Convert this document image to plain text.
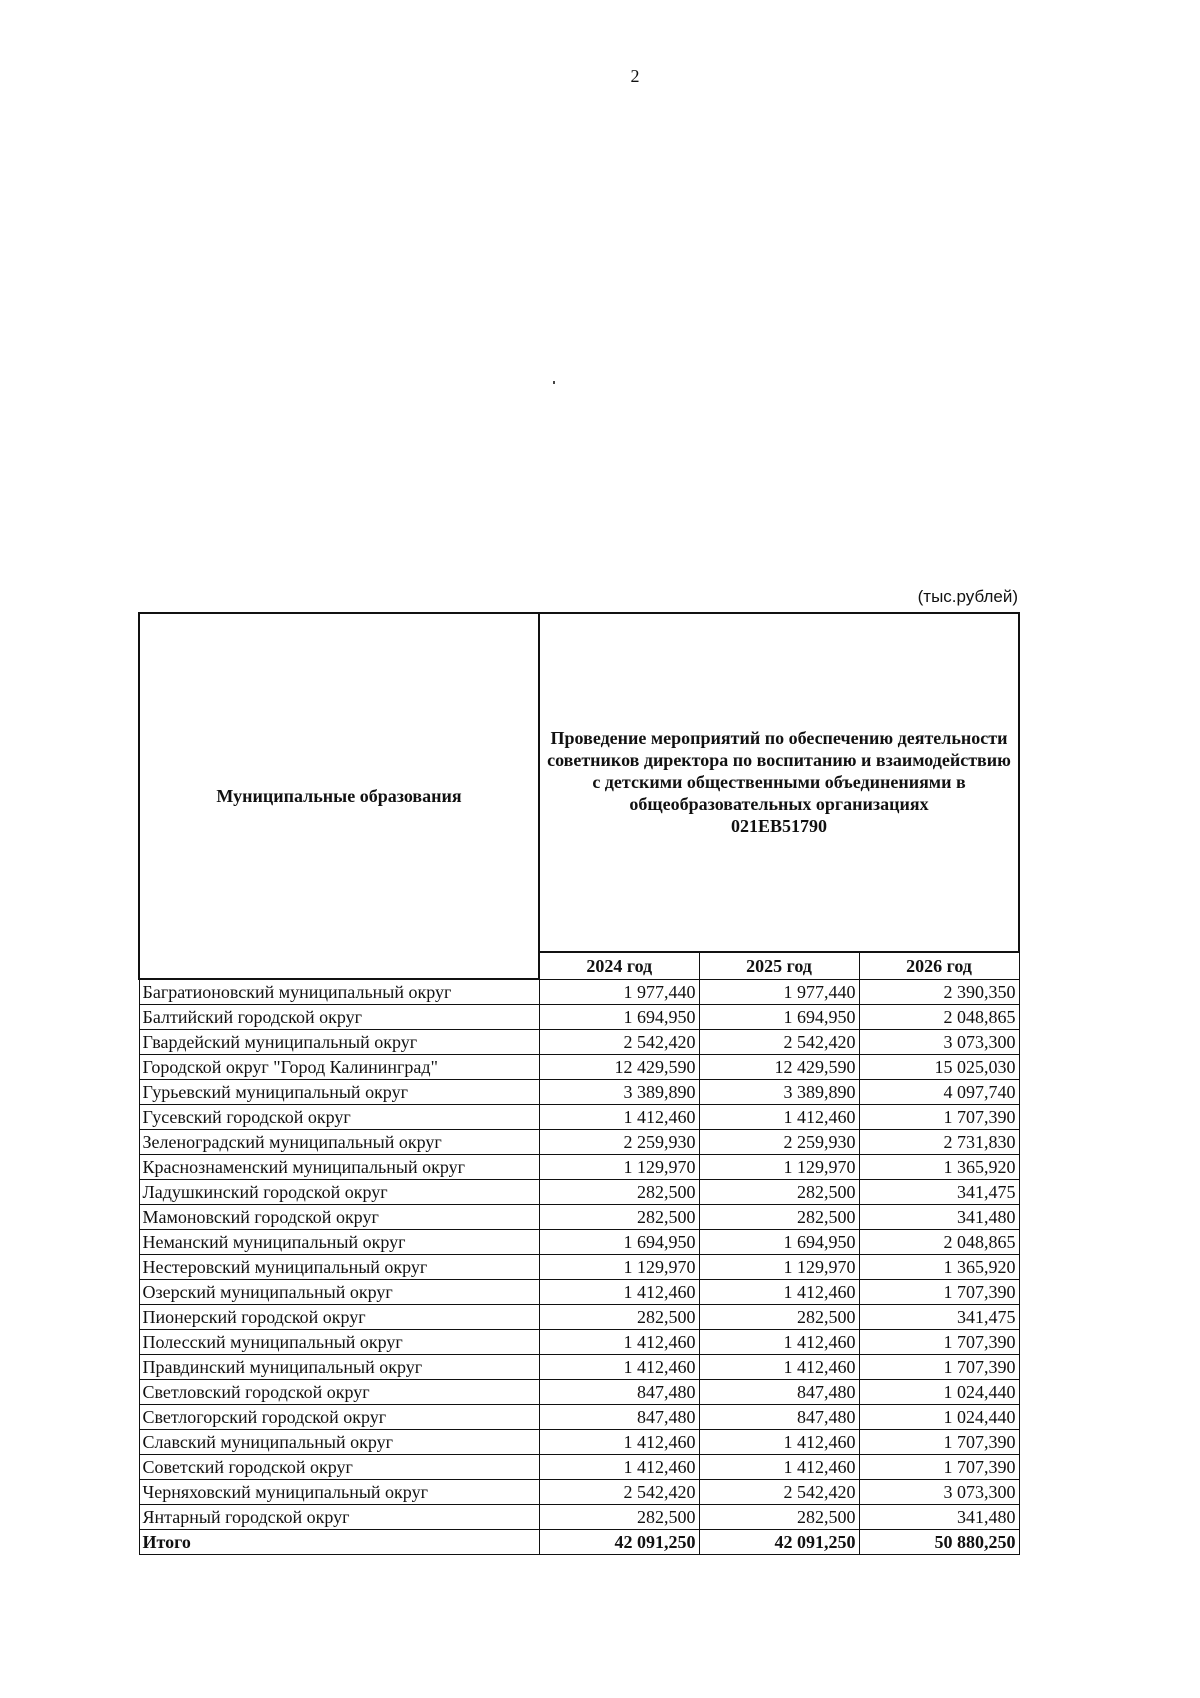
2
(тыс.рублей)
Муниципальные образования	Проведение мероприятий по обеспечению деятельности советников директора по воспитанию и взаимодействию с детскими общественными объединениями в общеобразовательных организациях
021ЕВ51790		

	2024 год	2025 год	2026 год
Багратионовский муниципальный округ	1 977,440	1 977,440	2 390,350
Балтийский городской округ	1 694,950	1 694,950	2 048,865
Гвардейский муниципальный округ	2 542,420	2 542,420	3 073,300
Городской округ "Город Калининград"	12 429,590	12 429,590	15 025,030
Гурьевский муниципальный округ	3 389,890	3 389,890	4 097,740
Гусевский городской округ	1 412,460	1 412,460	1 707,390
Зеленоградский муниципальный округ	2 259,930	2 259,930	2 731,830
Краснознаменский муниципальный округ	1 129,970	1 129,970	1 365,920
Ладушкинский городской округ	282,500	282,500	341,475
Мамоновский городской округ	282,500	282,500	341,480
Неманский муниципальный округ	1 694,950	1 694,950	2 048,865
Нестеровский муниципальный округ	1 129,970	1 129,970	1 365,920
Озерский муниципальный округ	1 412,460	1 412,460	1 707,390
Пионерский городской округ	282,500	282,500	341,475
Полесский муниципальный округ	1 412,460	1 412,460	1 707,390
Правдинский муниципальный округ	1 412,460	1 412,460	1 707,390
Светловский городской округ	847,480	847,480	1 024,440
Светлогорский городской округ	847,480	847,480	1 024,440
Славский муниципальный округ	1 412,460	1 412,460	1 707,390
Советский городской округ	1 412,460	1 412,460	1 707,390
Черняховский муниципальный округ	2 542,420	2 542,420	3 073,300
Янтарный городской округ	282,500	282,500	341,480
Итого	42 091,250	42 091,250	50 880,250
